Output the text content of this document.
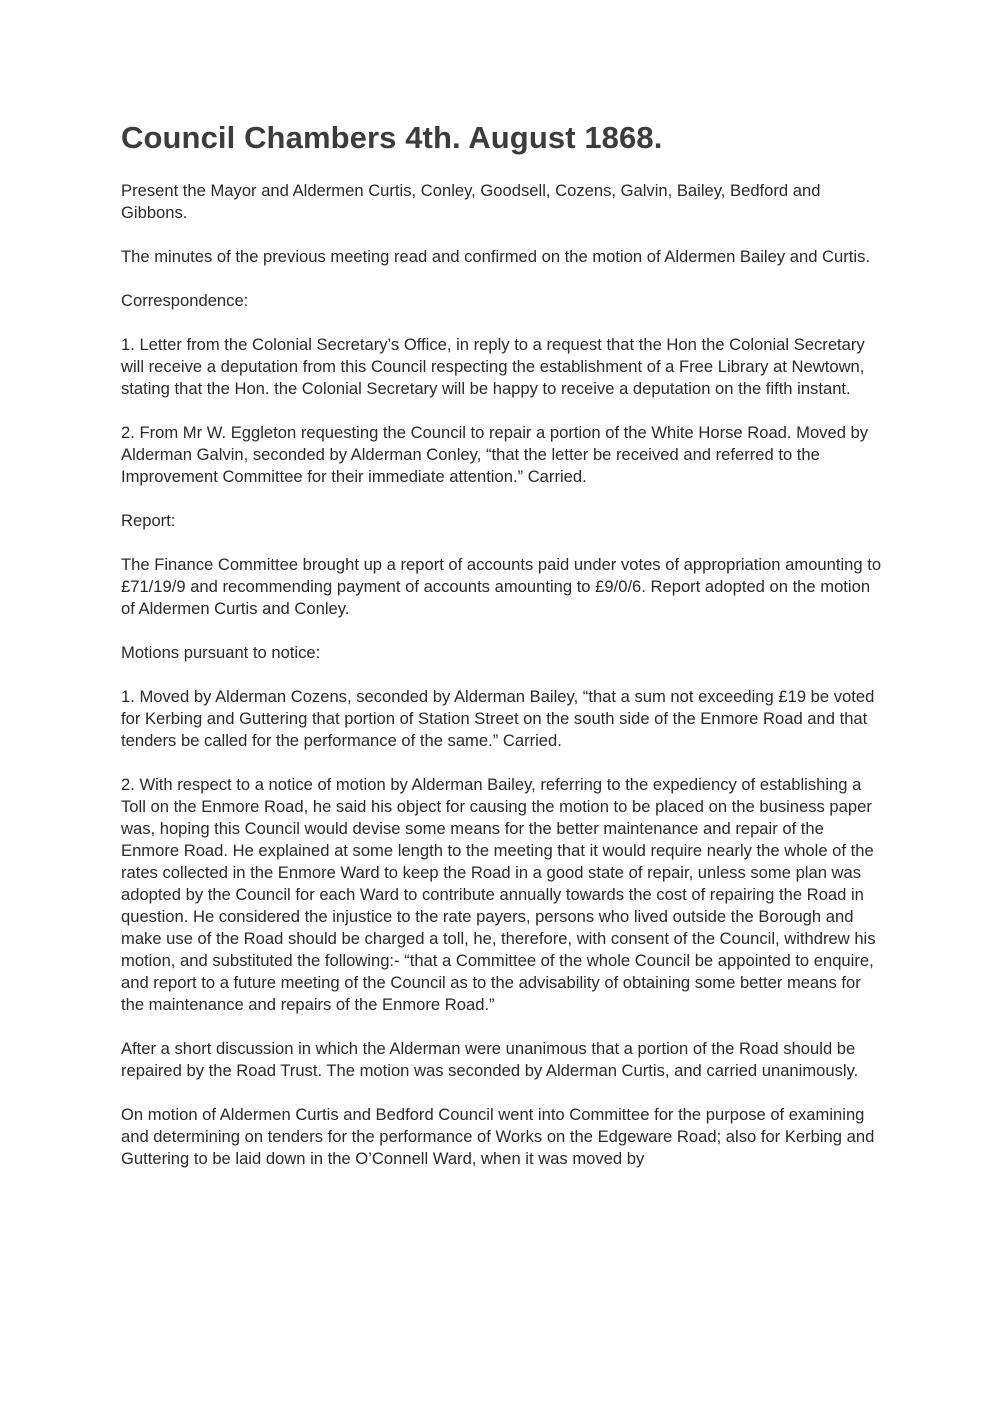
Council Chambers 4th. August 1868.

Present the Mayor and Aldermen Curtis, Conley, Goodsell, Cozens, Galvin, Bailey, Bedford and Gibbons.

The minutes of the previous meeting read and confirmed on the motion of Aldermen Bailey and Curtis.

Correspondence:

1. Letter from the Colonial Secretary’s Office, in reply to a request that the Hon the Colonial Secretary will receive a deputation from this Council respecting the establishment of a Free Library at Newtown, stating that the Hon. the Colonial Secretary will be happy to receive a deputation on the fifth instant.

2. From Mr W. Eggleton requesting the Council to repair a portion of the White Horse Road. Moved by Alderman Galvin, seconded by Alderman Conley, “that the letter be received and referred to the Improvement Committee for their immediate attention.” Carried.

Report:

The Finance Committee brought up a report of accounts paid under votes of appropriation amounting to £71/19/9 and recommending payment of accounts amounting to £9/0/6. Report adopted on the motion of Aldermen Curtis and Conley.

Motions pursuant to notice:

1. Moved by Alderman Cozens, seconded by Alderman Bailey, “that a sum not exceeding £19 be voted for Kerbing and Guttering that portion of Station Street on the south side of the Enmore Road and that tenders be called for the performance of the same.” Carried.

2. With respect to a notice of motion by Alderman Bailey, referring to the expediency of establishing a Toll on the Enmore Road, he said his object for causing the motion to be placed on the business paper was, hoping this Council would devise some means for the better maintenance and repair of the Enmore Road. He explained at some length to the meeting that it would require nearly the whole of the rates collected in the Enmore Ward to keep the Road in a good state of repair, unless some plan was adopted by the Council for each Ward to contribute annually towards the cost of repairing the Road in question. He considered the injustice to the rate payers, persons who lived outside the Borough and make use of the Road should be charged a toll, he, therefore, with consent of the Council, withdrew his motion, and substituted the following:- “that a Committee of the whole Council be appointed to enquire, and report to a future meeting of the Council as to the advisability of obtaining some better means for the maintenance and repairs of the Enmore Road.”

After a short discussion in which the Alderman were unanimous that a portion of the Road should be repaired by the Road Trust. The motion was seconded by Alderman Curtis, and carried unanimously.

On motion of Aldermen Curtis and Bedford Council went into Committee for the purpose of examining and determining on tenders for the performance of Works on the Edgeware Road; also for Kerbing and Guttering to be laid down in the O’Connell Ward, when it was moved by
